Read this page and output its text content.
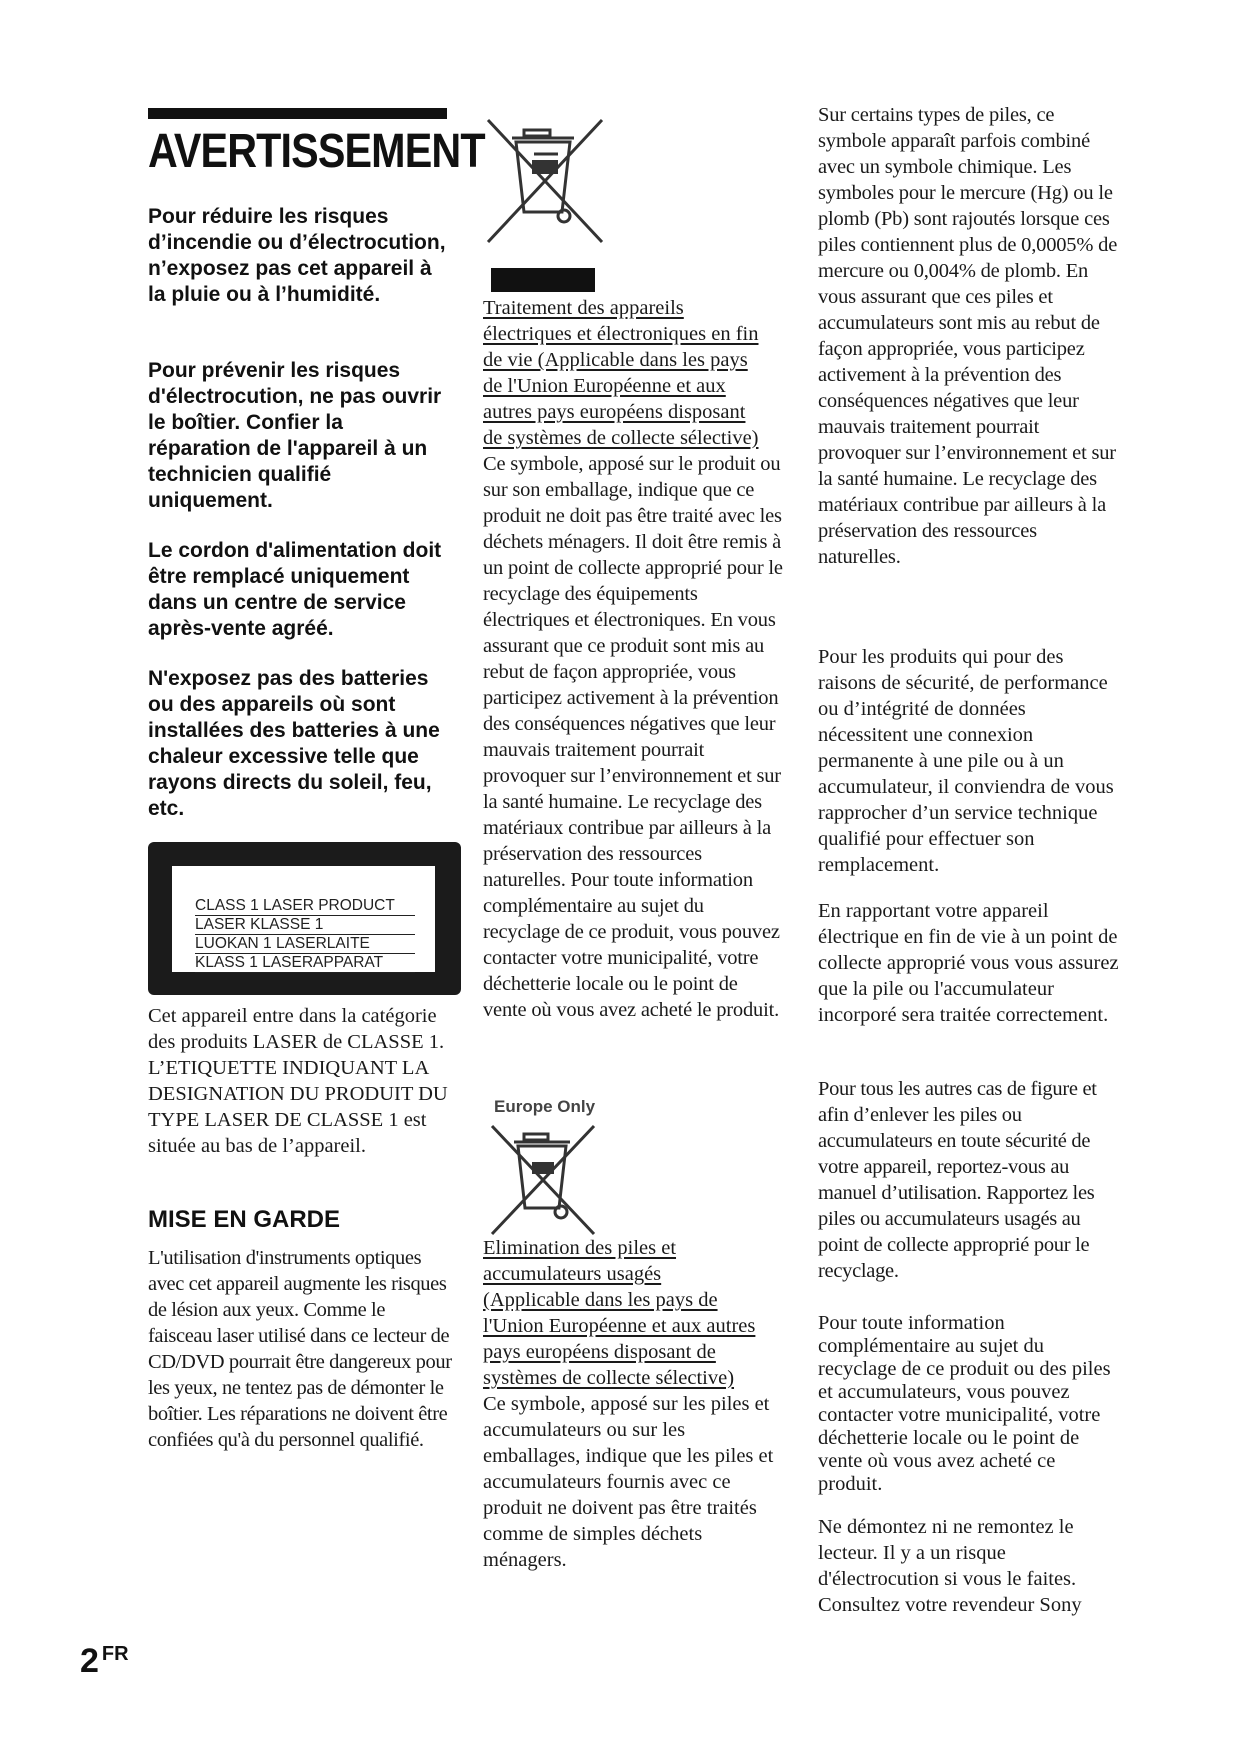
AVERTISSEMENT

Pour réduire les risques d’incendie ou d’électrocution, n’exposez pas cet appareil à la pluie ou à l’humidité.

Pour prévenir les risques d'électrocution, ne pas ouvrir le boîtier. Confier la réparation de l'appareil à un technicien qualifié uniquement.

Le cordon d'alimentation doit être remplacé uniquement dans un centre de service après-vente agréé.

N'exposez pas des batteries ou des appareils où sont installées des batteries à une chaleur excessive telle que rayons directs du soleil, feu, etc.

CLASS 1 LASER PRODUCT
LASER KLASSE 1
LUOKAN 1 LASERLAITE
KLASS 1 LASERAPPARAT

Cet appareil entre dans la catégorie des produits LASER de CLASSE 1. L’ETIQUETTE INDIQUANT LA DESIGNATION DU PRODUIT DU TYPE LASER DE CLASSE 1 est située au bas de l’appareil.

MISE EN GARDE

L'utilisation d'instruments optiques avec cet appareil augmente les risques de lésion aux yeux. Comme le faisceau laser utilisé dans ce lecteur de CD/DVD pourrait être dangereux pour les yeux, ne tentez pas de démonter le boîtier. Les réparations ne doivent être confiées qu'à du personnel qualifié.

Traitement des appareils
électriques et électroniques en fin
de vie (Applicable dans les pays
de l'Union Européenne et aux
autres pays européens disposant
de systèmes de collecte sélective)

Ce symbole, apposé sur le produit ou sur son emballage, indique que ce produit ne doit pas être traité avec les déchets ménagers. Il doit être remis à un point de collecte approprié pour le recyclage des équipements électriques et électroniques. En vous assurant que ce produit sont mis au rebut de façon appropriée, vous participez activement à la prévention des conséquences négatives que leur mauvais traitement pourrait provoquer sur l’environnement et sur la santé humaine. Le recyclage des matériaux contribue par ailleurs à la préservation des ressources naturelles. Pour toute information complémentaire au sujet du recyclage de ce produit, vous pouvez contacter votre municipalité, votre déchetterie locale ou le point de vente où vous avez acheté le produit.

Europe Only
Elimination des piles et
accumulateurs usagés
(Applicable dans les pays de
l'Union Européenne et aux autres
pays européens disposant de
systèmes de collecte sélective)

Ce symbole, apposé sur les piles et accumulateurs ou sur les emballages, indique que les piles et accumulateurs fournis avec ce produit ne doivent pas être traités comme de simples déchets ménagers.

Sur certains types de piles, ce symbole apparaît parfois combiné avec un symbole chimique. Les symboles pour le mercure (Hg) ou le plomb (Pb) sont rajoutés lorsque ces piles contiennent plus de 0,0005% de mercure ou 0,004% de plomb. En vous assurant que ces piles et accumulateurs sont mis au rebut de façon appropriée, vous participez activement à la prévention des conséquences négatives que leur mauvais traitement pourrait provoquer sur l’environnement et sur la santé humaine. Le recyclage des matériaux contribue par ailleurs à la préservation des ressources naturelles.

Pour les produits qui pour des raisons de sécurité, de performance ou d’intégrité de données nécessitent une connexion permanente à une pile ou à un accumulateur, il conviendra de vous rapprocher d’un service technique qualifié pour effectuer son remplacement.

En rapportant votre appareil électrique en fin de vie à un point de collecte approprié vous vous assurez que la pile ou l'accumulateur incorporé sera traitée correctement.

Pour tous les autres cas de figure et afin d’enlever les piles ou accumulateurs en toute sécurité de votre appareil, reportez-vous au manuel d’utilisation. Rapportez les piles ou accumulateurs usagés au point de collecte approprié pour le recyclage.

Pour toute information complémentaire au sujet du recyclage de ce produit ou des piles et accumulateurs, vous pouvez contacter votre municipalité, votre déchetterie locale ou le point de vente où vous avez acheté ce produit.

Ne démontez ni ne remontez le lecteur. Il y a un risque d'électrocution si vous le faites. Consultez votre revendeur Sony

2 $^{FR}$
